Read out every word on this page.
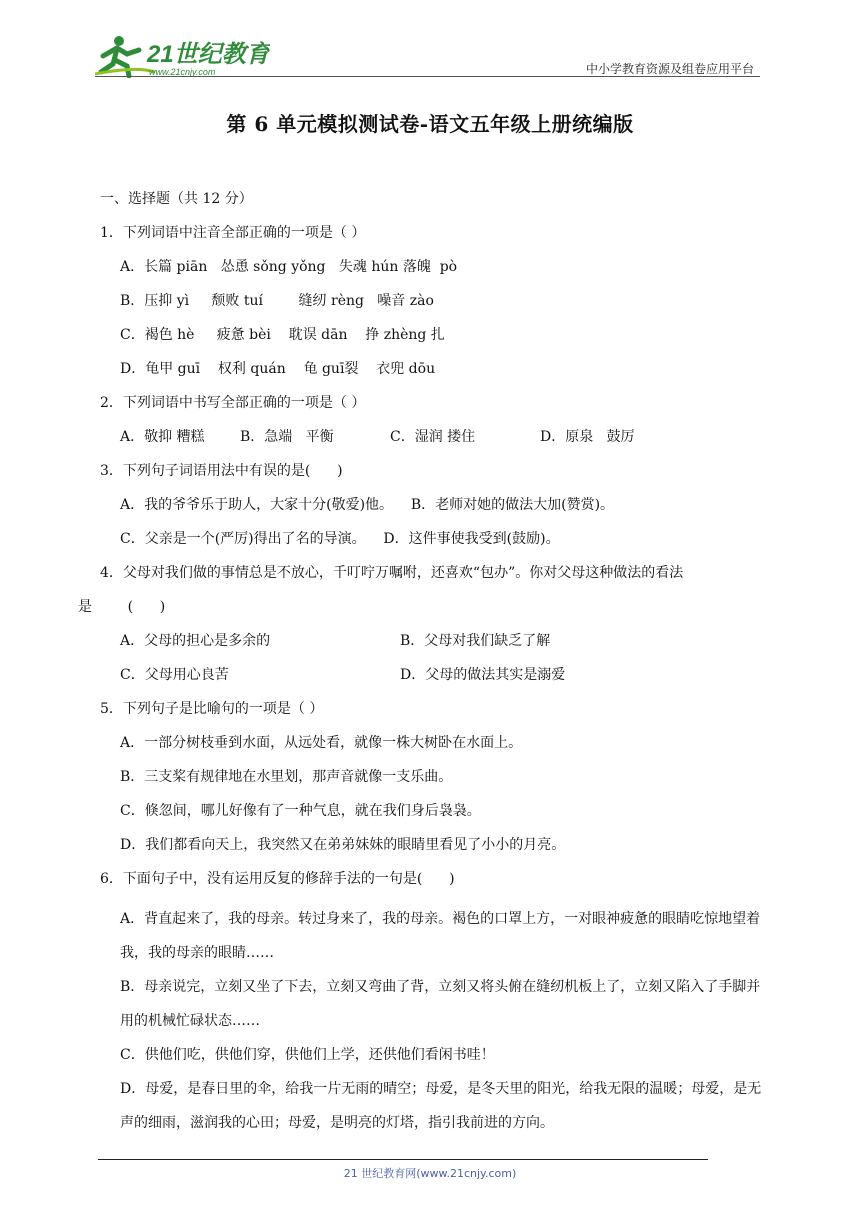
21世纪教育
www.21cnjy.com	中小学教育资源及组卷应用平台
第 6 单元模拟测试卷-语文五年级上册统编版
一、选择题（共 12 分）
1．下列词语中注音全部正确的一项是（ ）
A．长篇 piān   怂恿 sǒng yǒng   失魂 hún 落魄  pò
B．压抑 yì     颓败 tuí        缝纫 rèng   噪音 zào
C．褐色 hè     疲惫 bèi    耽误 dān    挣 zhèng 扎
D．龟甲 guī    权利 quán    龟 guī裂    衣兜 dōu
2．下列词语中书写全部正确的一项是（ ）
A．敬抑 糟糕	B．急端   平衡	C．湿润 搂住	D．原泉   鼓厉
3．下列句子词语用法中有误的是(      )
A．我的爷爷乐于助人，大家十分(敬爱)他。    B．老师对她的做法大加(赞赏)。
C．父亲是一个(严厉)得出了名的导演。    D．这件事使我受到(鼓励)。
4．父母对我们做的事情总是不放心，千叮咛万嘱咐，还喜欢“包办”。你对父母这种做法的看法
是        (      )
A．父母的担心是多余的	B．父母对我们缺乏了解
C．父母用心良苦	D．父母的做法其实是溺爱
5．下列句子是比喻句的一项是（ ）
A．一部分树枝垂到水面，从远处看，就像一株大树卧在水面上。
B．三支桨有规律地在水里划，那声音就像一支乐曲。
C．倏忽间，哪儿好像有了一种气息，就在我们身后袅袅。
D．我们都看向天上，我突然又在弟弟妹妹的眼睛里看见了小小的月亮。
6．下面句子中，没有运用反复的修辞手法的一句是(      )
A．背直起来了，我的母亲。转过身来了，我的母亲。褐色的口罩上方，一对眼神疲惫的眼睛吃惊地望着我，我的母亲的眼睛……
B．母亲说完，立刻又坐了下去，立刻又弯曲了背，立刻又将头俯在缝纫机板上了，立刻又陷入了手脚并用的机械忙碌状态……
C．供他们吃，供他们穿，供他们上学，还供他们看闲书哇！
D．母爱，是春日里的伞，给我一片无雨的晴空；母爱，是冬天里的阳光，给我无限的温暖；母爱，是无声的细雨，滋润我的心田；母爱，是明亮的灯塔，指引我前进的方向。
21 世纪教育网(www.21cnjy.com)
